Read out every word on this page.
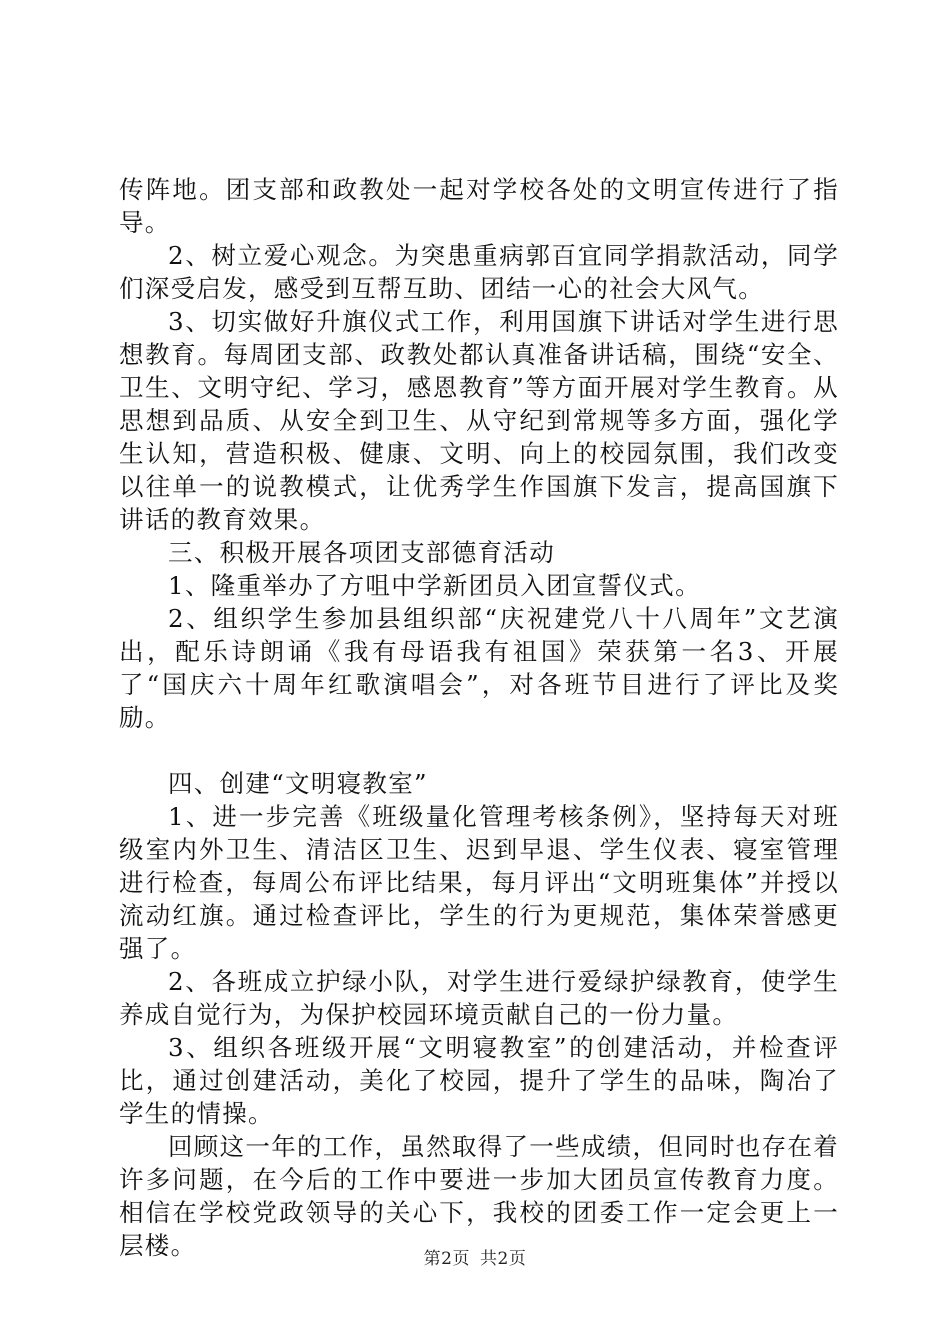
传阵地。团支部和政教处一起对学校各处的文明宣传进行了指导。

2、树立爱心观念。为突患重病郭百宜同学捐款活动，同学们深受启发，感受到互帮互助、团结一心的社会大风气。

3、切实做好升旗仪式工作，利用国旗下讲话对学生进行思想教育。每周团支部、政教处都认真准备讲话稿，围绕“安全、卫生、文明守纪、学习，感恩教育”等方面开展对学生教育。从思想到品质、从安全到卫生、从守纪到常规等多方面，强化学生认知，营造积极、健康、文明、向上的校园氛围，我们改变以往单一的说教模式，让优秀学生作国旗下发言，提高国旗下讲话的教育效果。

三、积极开展各项团支部德育活动

1、隆重举办了方咀中学新团员入团宣誓仪式。

2、组织学生参加县组织部“庆祝建党八十八周年”文艺演出，配乐诗朗诵《我有母语我有祖国》荣获第一名3、开展了“国庆六十周年红歌演唱会”，对各班节目进行了评比及奖励。

四、创建“文明寝教室”

1、进一步完善《班级量化管理考核条例》，坚持每天对班级室内外卫生、清洁区卫生、迟到早退、学生仪表、寝室管理进行检查，每周公布评比结果，每月评出“文明班集体”并授以流动红旗。通过检查评比，学生的行为更规范，集体荣誉感更强了。

2、各班成立护绿小队，对学生进行爱绿护绿教育，使学生养成自觉行为，为保护校园环境贡献自己的一份力量。

3、组织各班级开展“文明寝教室”的创建活动，并检查评比，通过创建活动，美化了校园，提升了学生的品味，陶冶了学生的情操。

回顾这一年的工作，虽然取得了一些成绩，但同时也存在着许多问题，在今后的工作中要进一步加大团员宣传教育力度。相信在学校党政领导的关心下，我校的团委工作一定会更上一层楼。	第2页 共2页
